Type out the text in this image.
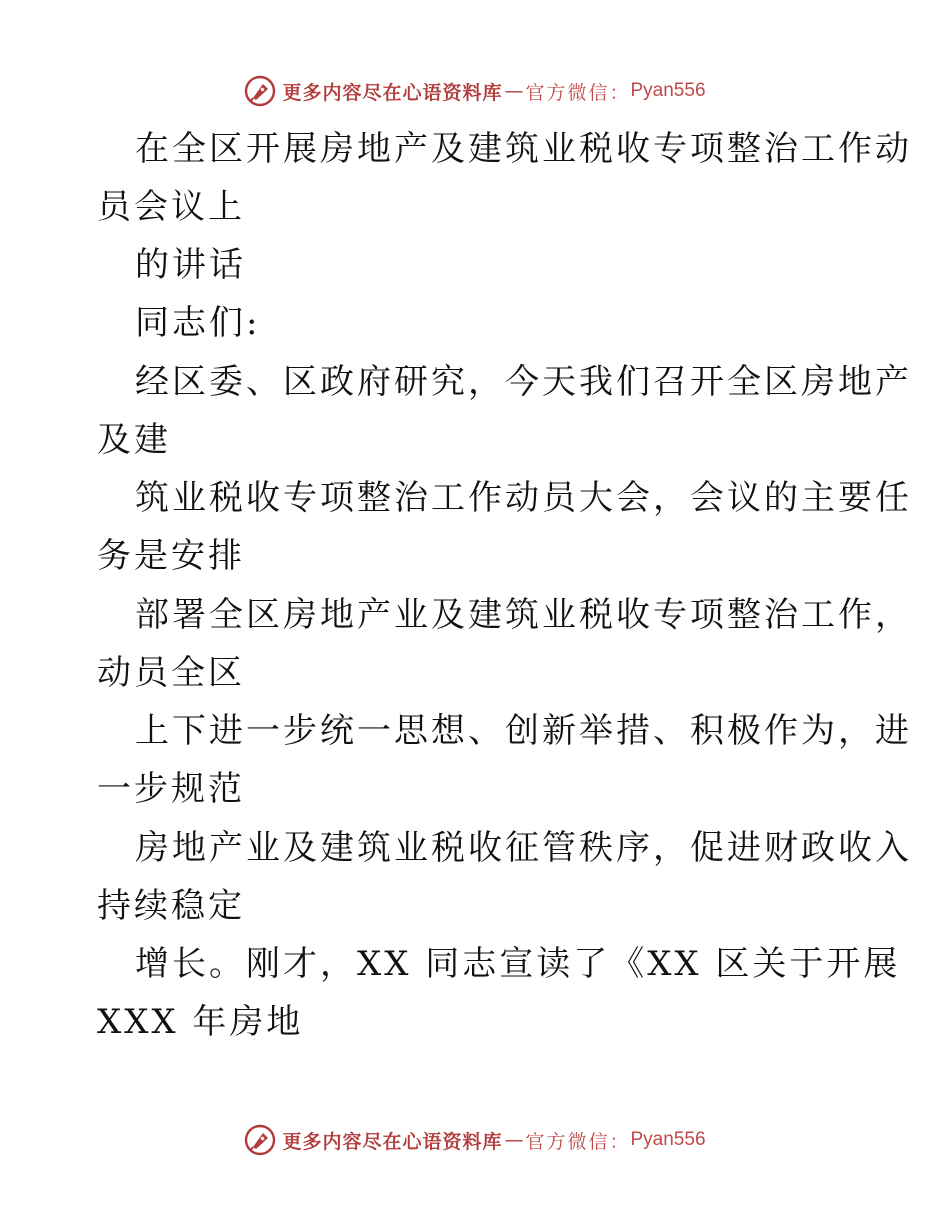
更多内容尽在心语资料库 — 官方微信： Pyan556
在全区开展房地产及建筑业税收专项整治工作动
员会议上
的讲话
同志们:
经区委、区政府研究，今天我们召开全区房地产
及建
筑业税收专项整治工作动员大会，会议的主要任
务是安排
部署全区房地产业及建筑业税收专项整治工作，
动员全区
上下进一步统一思想、创新举措、积极作为，进
一步规范
房地产业及建筑业税收征管秩序，促进财政收入
持续稳定
增长。刚才，XX 同志宣读了《XX 区关于开展
XXX 年房地
更多内容尽在心语资料库 — 官方微信： Pyan556
